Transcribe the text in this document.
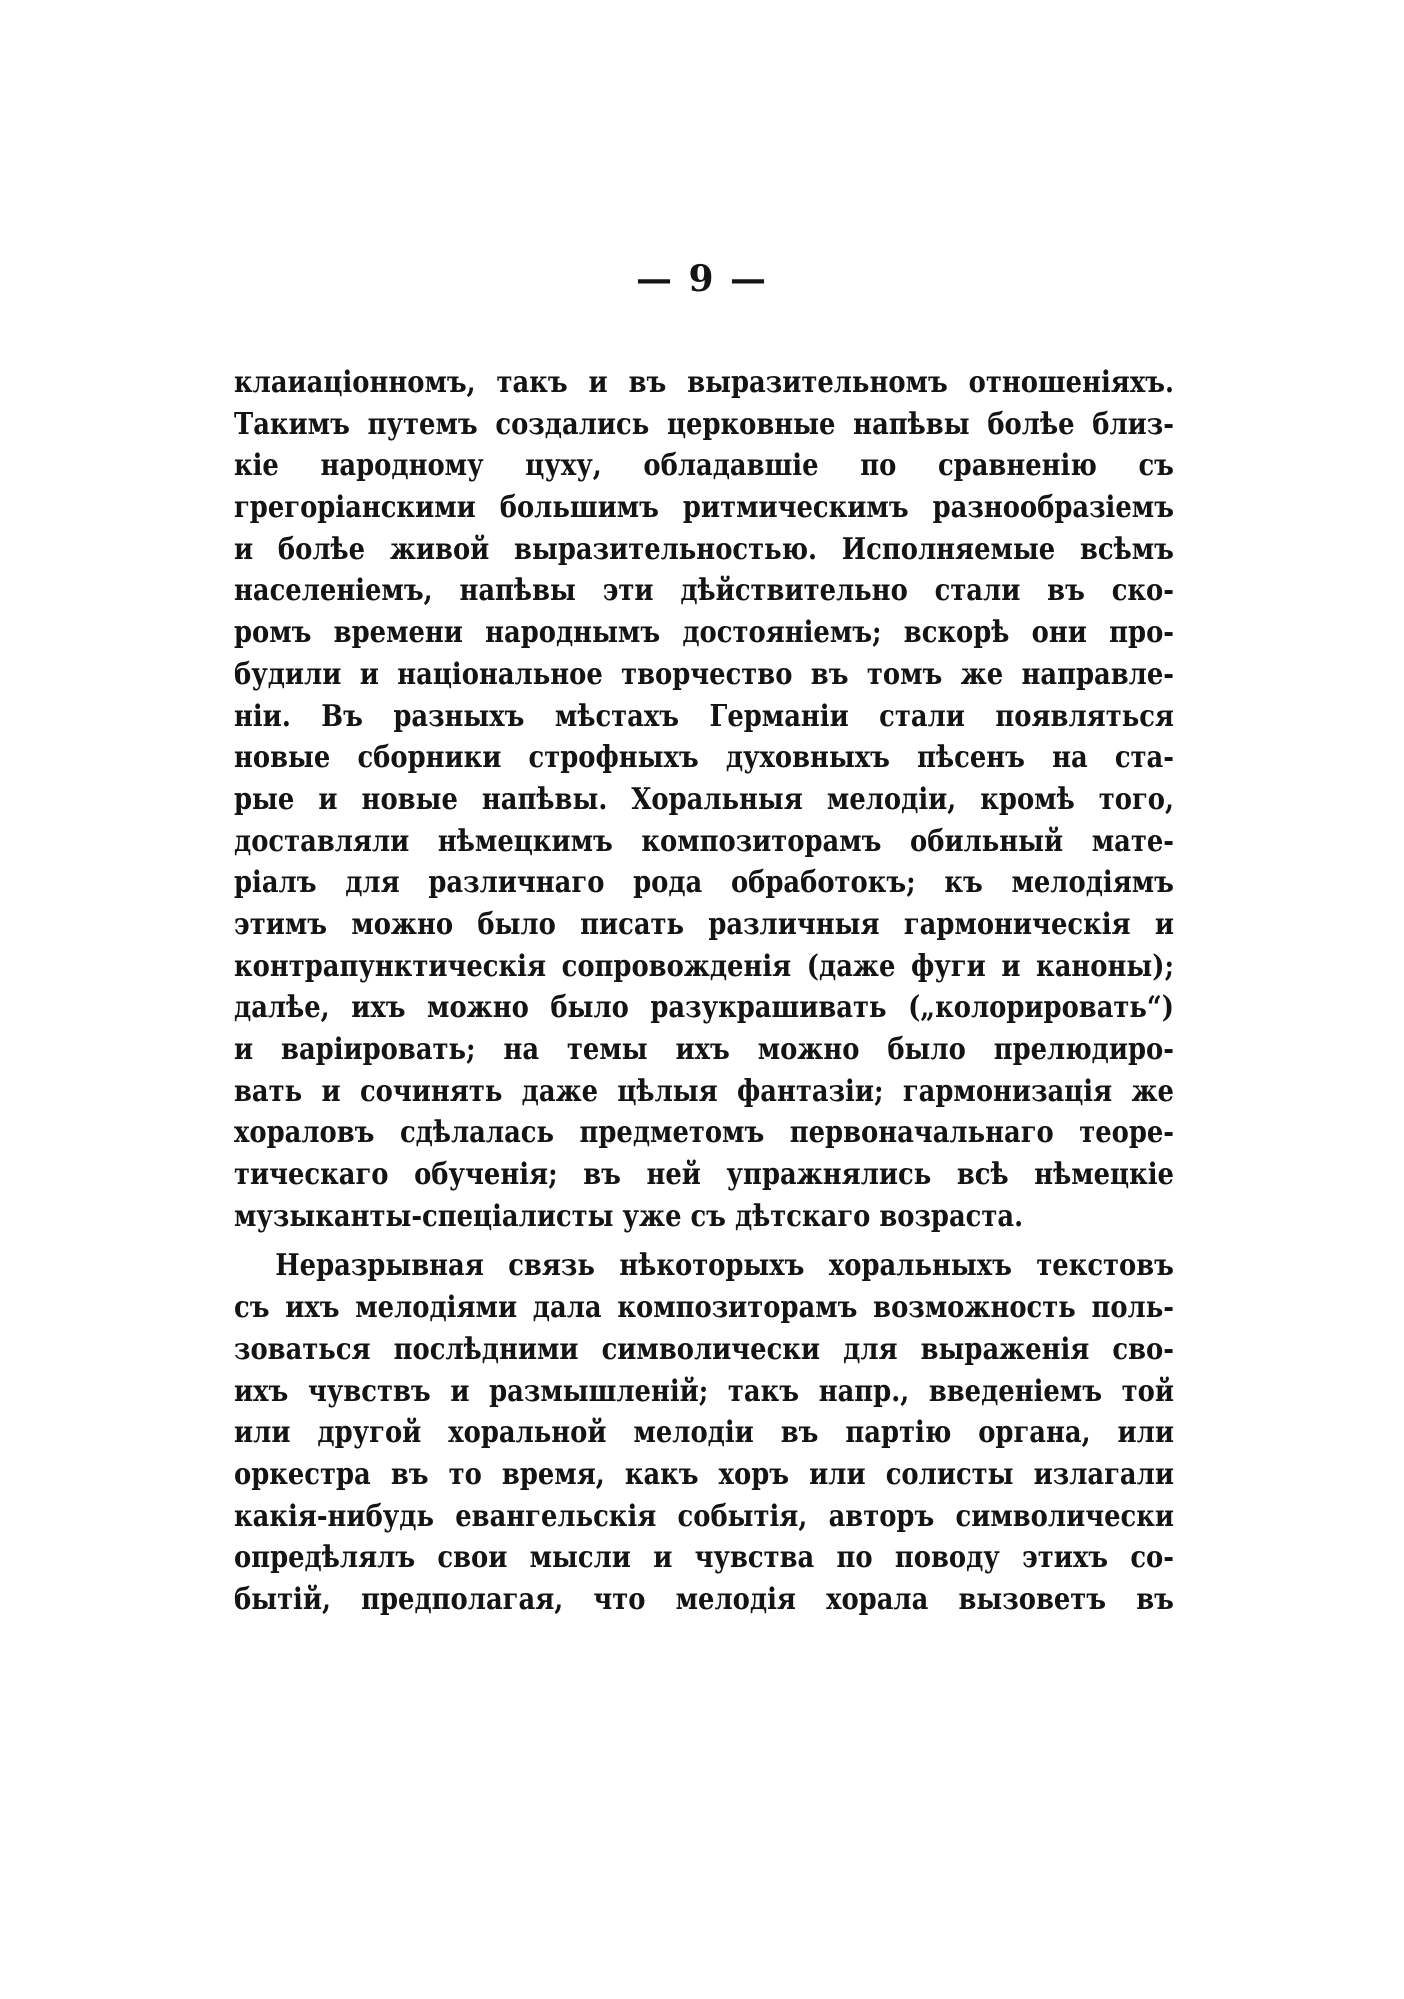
— 9 —
клаиаціонномъ, такъ и въ выразительномъ отношеніяхъ.
Такимъ путемъ создались церковные напѣвы болѣе близ-
кіе народному цуху, обладавшіе по сравненію съ
грегоріанскими большимъ ритмическимъ разнообразіемъ
и болѣе живой выразительностью. Исполняемые всѣмъ
населеніемъ, напѣвы эти дѣйствительно стали въ ско-
ромъ времени народнымъ достояніемъ; вскорѣ они про-
будили и національное творчество въ томъ же направле-
ніи. Въ разныхъ мѣстахъ Германіи стали появляться
новые сборники строфныхъ духовныхъ пѣсенъ на ста-
рые и новые напѣвы. Хоральныя мелодіи, кромѣ того,
доставляли нѣмецкимъ композиторамъ обильный мате-
ріалъ для различнаго рода обработокъ; къ мелодіямъ
этимъ можно было писать различныя гармоническія и
контрапунктическія сопровожденія (даже фуги и каноны);
далѣе, ихъ можно было разукрашивать („колорировать“)
и варіировать; на темы ихъ можно было прелюдиро-
вать и сочинять даже цѣлыя фантазіи; гармонизація же
хораловъ сдѣлалась предметомъ первоначальнаго теоре-
тическаго обученія; въ ней упражнялись всѣ нѣмецкіе
музыканты-спеціалисты уже съ дѣтскаго возраста.
Неразрывная связь нѣкоторыхъ хоральныхъ текстовъ
съ ихъ мелодіями дала композиторамъ возможность поль-
зоваться послѣдними символически для выраженія сво-
ихъ чувствъ и размышленій; такъ напр., введеніемъ той
или другой хоральной мелодіи въ партію органа, или
оркестра въ то время, какъ хоръ или солисты излагали
какія-нибудь евангельскія событія, авторъ символически
опредѣлялъ свои мысли и чувства по поводу этихъ со-
бытій, предполагая, что мелодія хорала вызоветъ въ
